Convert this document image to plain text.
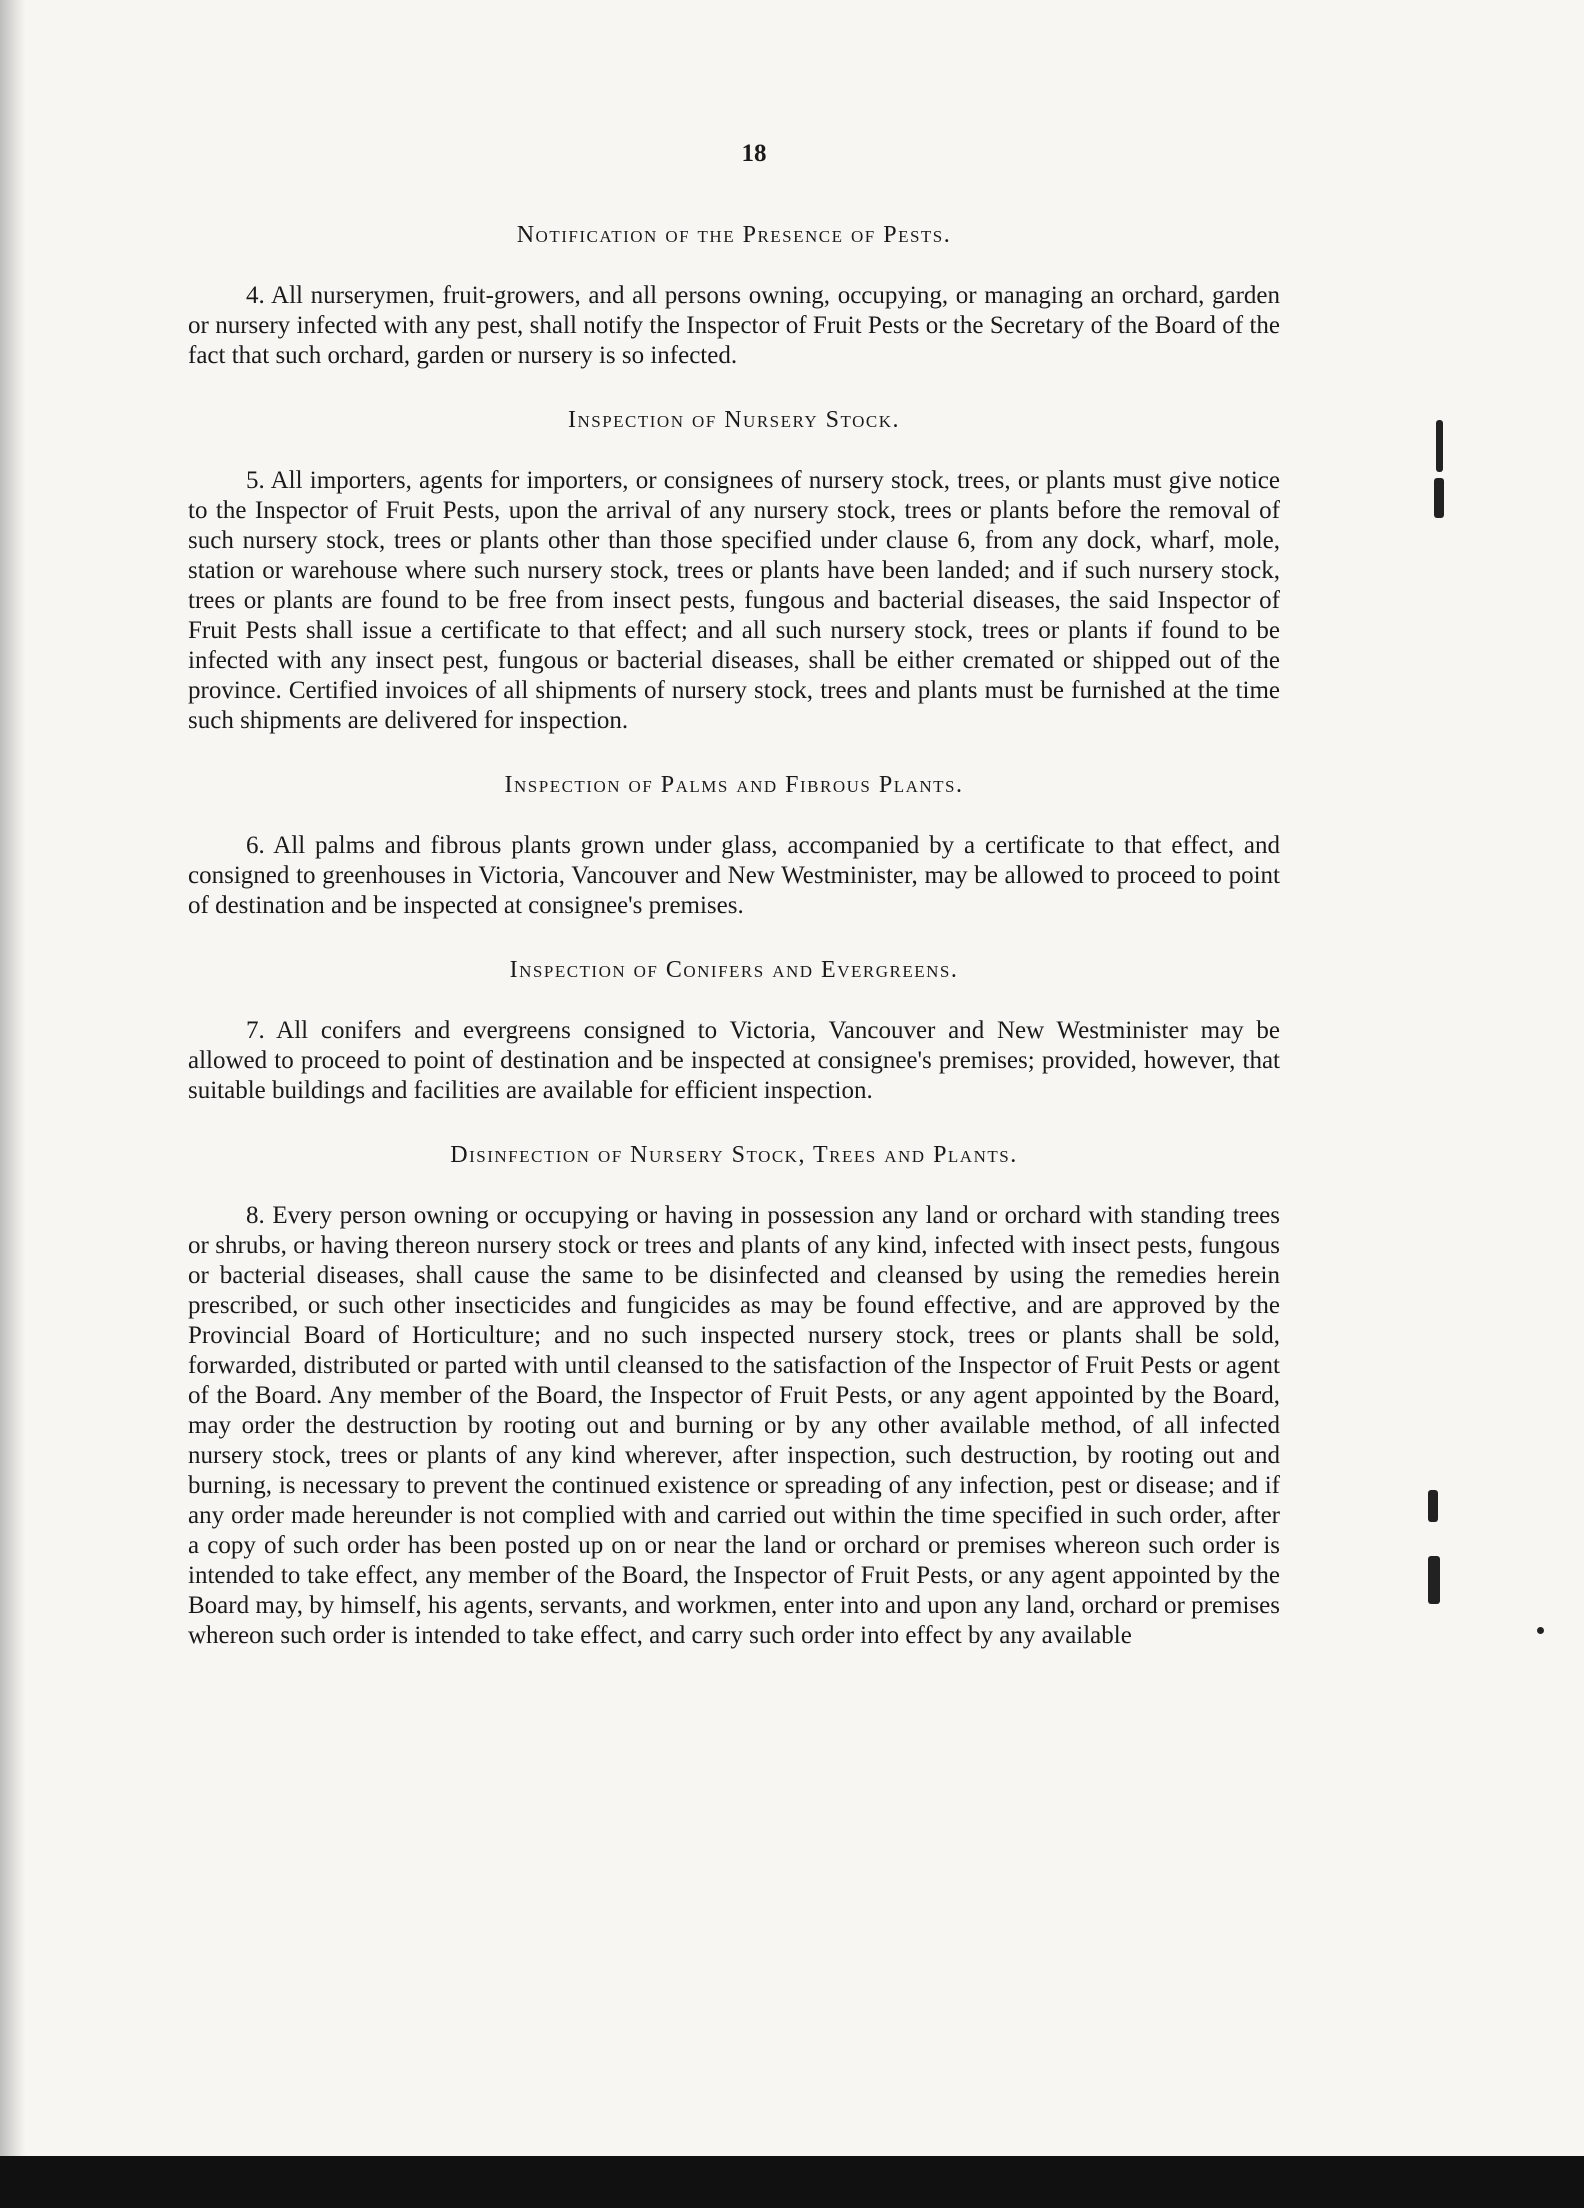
18
Notification of the Presence of Pests.

4. All nurserymen, fruit-growers, and all persons owning, occupying, or managing an orchard, garden or nursery infected with any pest, shall notify the Inspector of Fruit Pests or the Secretary of the Board of the fact that such orchard, garden or nursery is so infected.

Inspection of Nursery Stock.

5. All importers, agents for importers, or consignees of nursery stock, trees, or plants must give notice to the Inspector of Fruit Pests, upon the arrival of any nursery stock, trees or plants before the removal of such nursery stock, trees or plants other than those specified under clause 6, from any dock, wharf, mole, station or warehouse where such nursery stock, trees or plants have been landed; and if such nursery stock, trees or plants are found to be free from insect pests, fungous and bacterial diseases, the said Inspector of Fruit Pests shall issue a certificate to that effect; and all such nursery stock, trees or plants if found to be infected with any insect pest, fungous or bacterial diseases, shall be either cremated or shipped out of the province. Certified invoices of all shipments of nursery stock, trees and plants must be furnished at the time such shipments are delivered for inspection.

Inspection of Palms and Fibrous Plants.

6. All palms and fibrous plants grown under glass, accompanied by a certificate to that effect, and consigned to greenhouses in Victoria, Vancouver and New Westminister, may be allowed to proceed to point of destination and be inspected at consignee's premises.

Inspection of Conifers and Evergreens.

7. All conifers and evergreens consigned to Victoria, Vancouver and New Westminister may be allowed to proceed to point of destination and be inspected at consignee's premises; provided, however, that suitable buildings and facilities are available for efficient inspection.

Disinfection of Nursery Stock, Trees and Plants.

8. Every person owning or occupying or having in possession any land or orchard with standing trees or shrubs, or having thereon nursery stock or trees and plants of any kind, infected with insect pests, fungous or bacterial diseases, shall cause the same to be disinfected and cleansed by using the remedies herein prescribed, or such other insecticides and fungicides as may be found effective, and are approved by the Provincial Board of Horticulture; and no such inspected nursery stock, trees or plants shall be sold, forwarded, distributed or parted with until cleansed to the satisfaction of the Inspector of Fruit Pests or agent of the Board. Any member of the Board, the Inspector of Fruit Pests, or any agent appointed by the Board, may order the destruction by rooting out and burning or by any other available method, of all infected nursery stock, trees or plants of any kind wherever, after inspection, such destruction, by rooting out and burning, is necessary to prevent the continued existence or spreading of any infection, pest or disease; and if any order made hereunder is not complied with and carried out within the time specified in such order, after a copy of such order has been posted up on or near the land or orchard or premises whereon such order is intended to take effect, any member of the Board, the Inspector of Fruit Pests, or any agent appointed by the Board may, by himself, his agents, servants, and workmen, enter into and upon any land, orchard or premises whereon such order is intended to take effect, and carry such order into effect by any available
